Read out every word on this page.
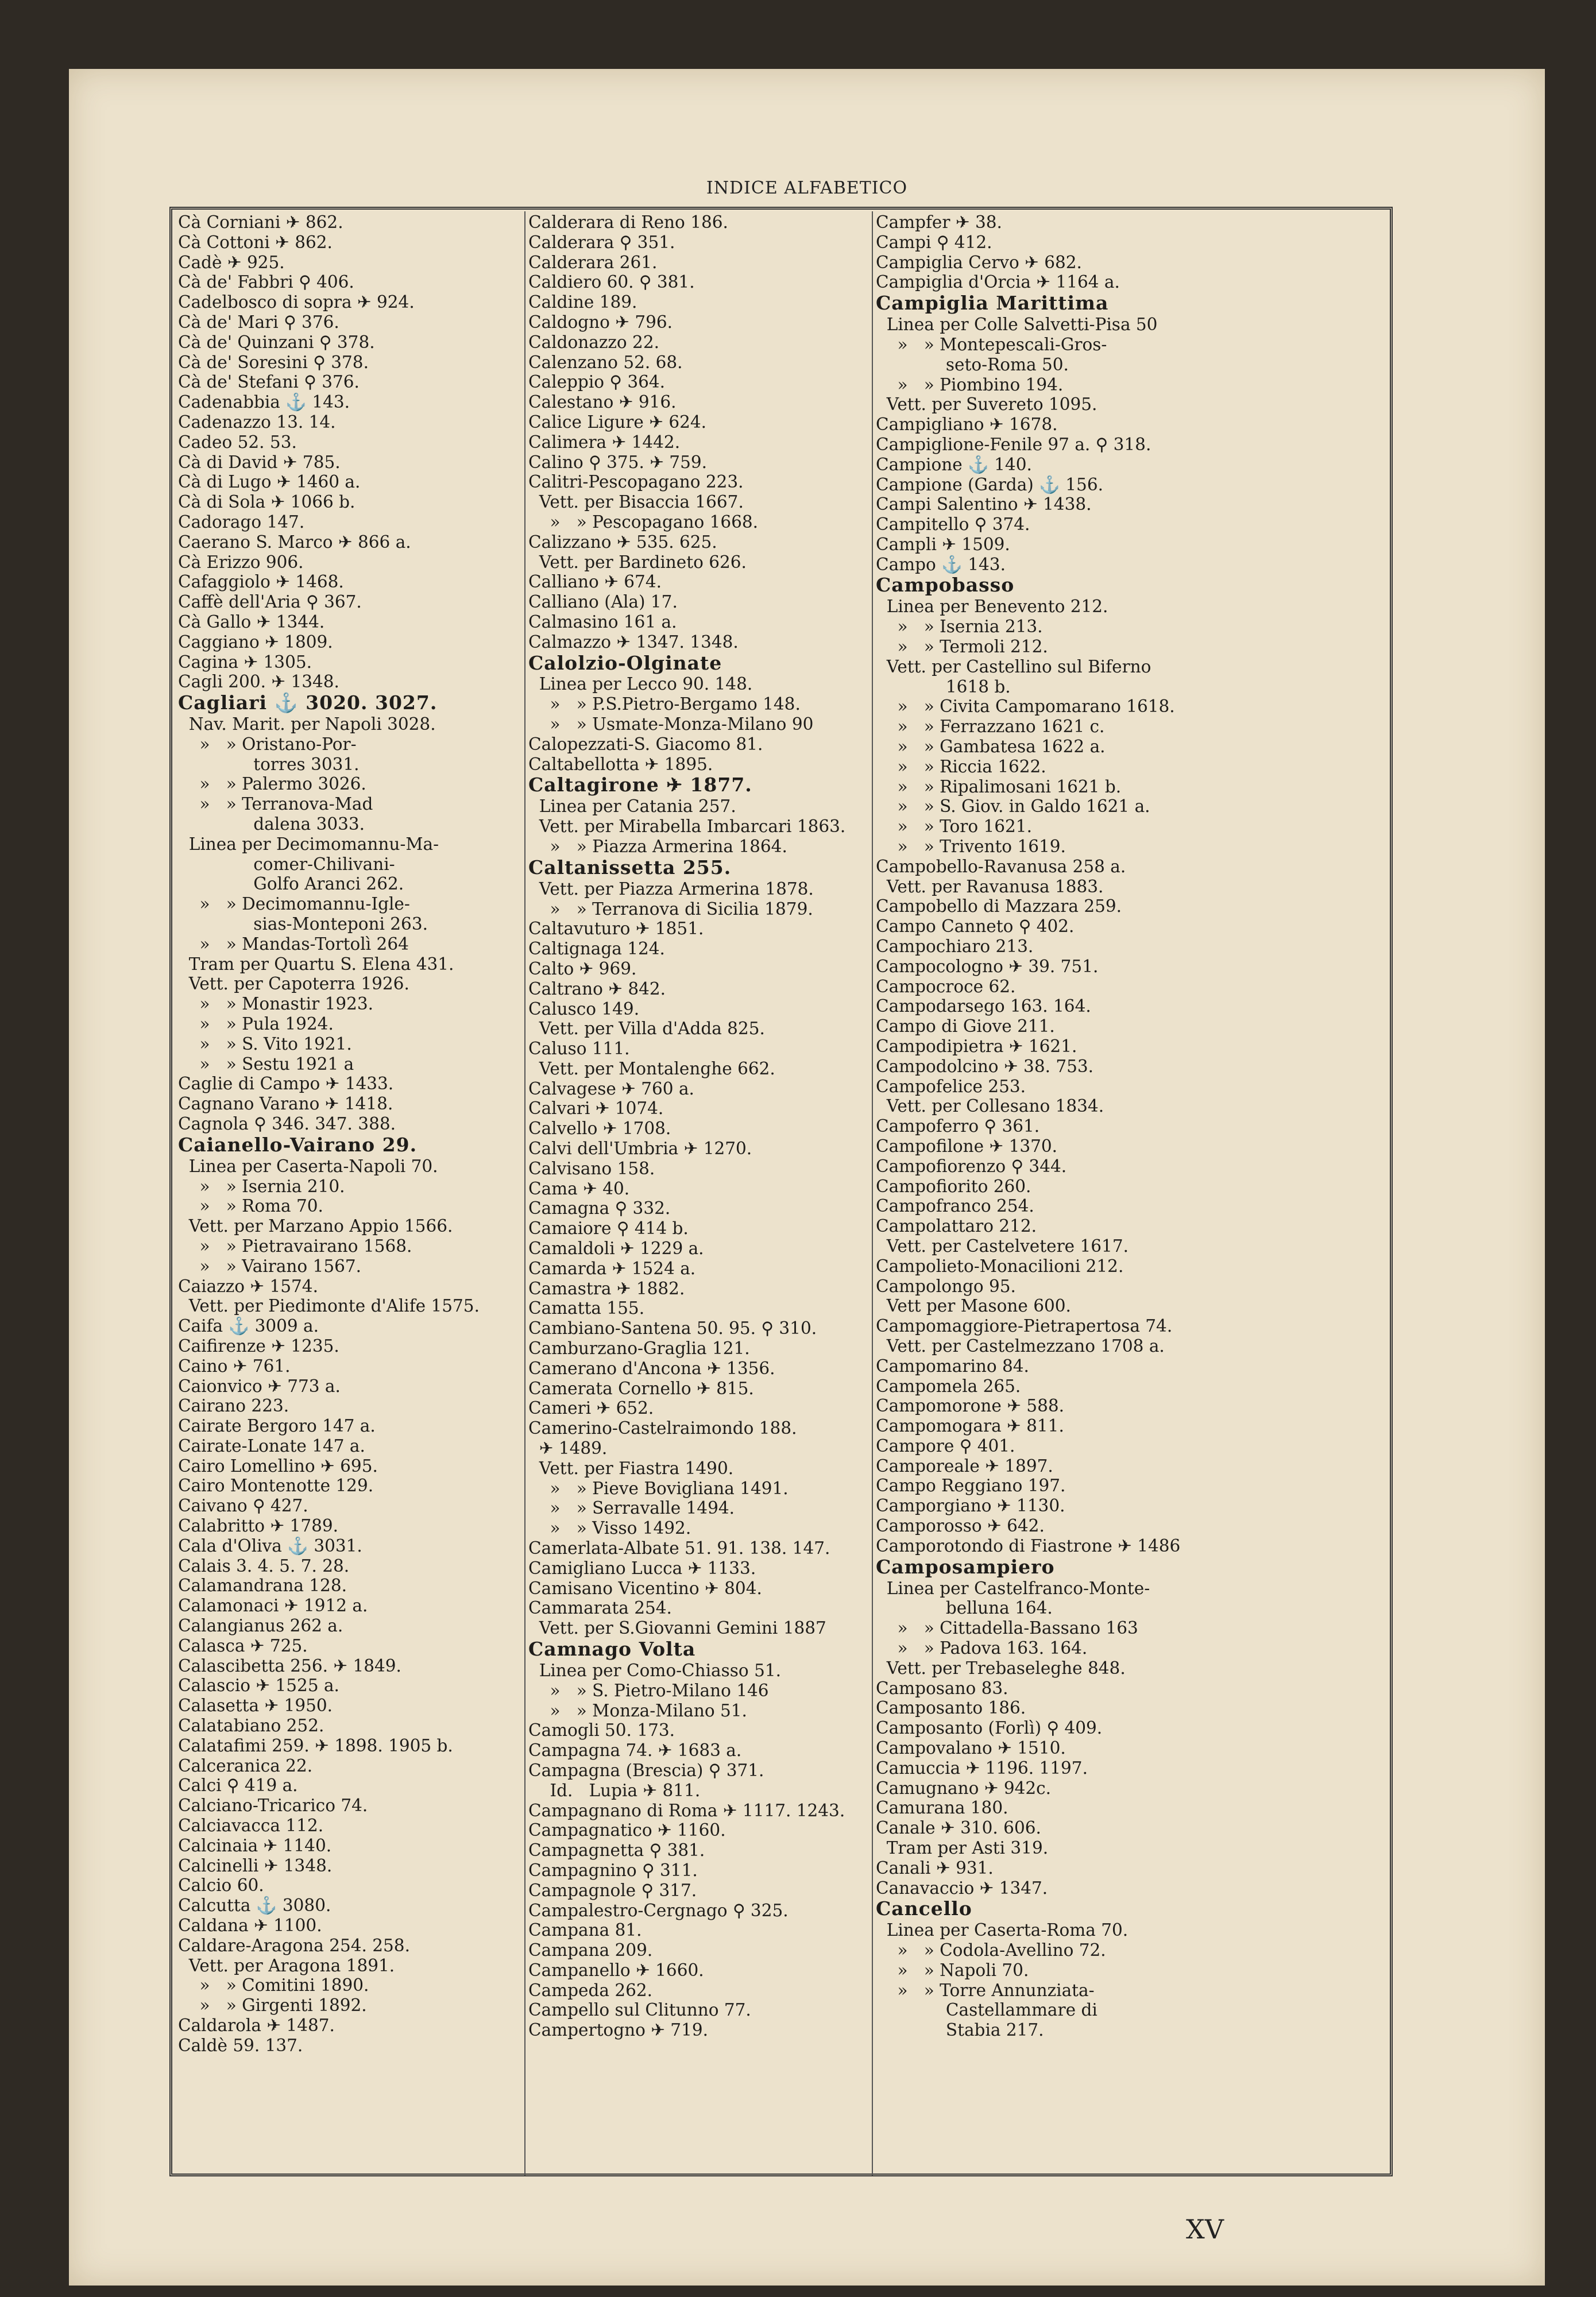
INDICE ALFABETICO
Cà Corniani ✈ 862.
Cà Cottoni ✈ 862.
Cadè ✈ 925.
Cà de' Fabbri ⚲ 406.
Cadelbosco di sopra ✈ 924.
Cà de' Mari ⚲ 376.
Cà de' Quinzani ⚲ 378.
Cà de' Soresini ⚲ 378.
Cà de' Stefani ⚲ 376.
Cadenabbia ⚓ 143.
Cadenazzo 13. 14.
Cadeo 52. 53.
Cà di David ✈ 785.
Cà di Lugo ✈ 1460 a.
Cà di Sola ✈ 1066 b.
Cadorago 147.
Caerano S. Marco ✈ 866 a.
Cà Erizzo 906.
Cafaggiolo ✈ 1468.
Caffè dell'Aria ⚲ 367.
Cà Gallo ✈ 1344.
Caggiano ✈ 1809.
Cagina ✈ 1305.
Cagli 200. ✈ 1348.
Cagliari ⚓ 3020. 3027.
Nav. Marit. per Napoli 3028.
»   » Oristano-Por-
torres 3031.
»   » Palermo 3026.
»   » Terranova-Mad
dalena 3033.
Linea per Decimomannu-Ma-
comer-Chilivani-
Golfo Aranci 262.
»   » Decimomannu-Igle-
sias-Monteponi 263.
»   » Mandas-Tortolì 264
Tram per Quartu S. Elena 431.
Vett. per Capoterra 1926.
»   » Monastir 1923.
»   » Pula 1924.
»   » S. Vito 1921.
»   » Sestu 1921 a
Caglie di Campo ✈ 1433.
Cagnano Varano ✈ 1418.
Cagnola ⚲ 346. 347. 388.
Caianello-Vairano 29.
Linea per Caserta-Napoli 70.
»   » Isernia 210.
»   » Roma 70.
Vett. per Marzano Appio 1566.
»   » Pietravairano 1568.
»   » Vairano 1567.
Caiazzo ✈ 1574.
Vett. per Piedimonte d'Alife 1575.
Caifa ⚓ 3009 a.
Caifirenze ✈ 1235.
Caino ✈ 761.
Caionvico ✈ 773 a.
Cairano 223.
Cairate Bergoro 147 a.
Cairate-Lonate 147 a.
Cairo Lomellino ✈ 695.
Cairo Montenotte 129.
Caivano ⚲ 427.
Calabritto ✈ 1789.
Cala d'Oliva ⚓ 3031.
Calais 3. 4. 5. 7. 28.
Calamandrana 128.
Calamonaci ✈ 1912 a.
Calangianus 262 a.
Calasca ✈ 725.
Calascibetta 256. ✈ 1849.
Calascio ✈ 1525 a.
Calasetta ✈ 1950.
Calatabiano 252.
Calatafimi 259. ✈ 1898. 1905 b.
Calceranica 22.
Calci ⚲ 419 a.
Calciano-Tricarico 74.
Calciavacca 112.
Calcinaia ✈ 1140.
Calcinelli ✈ 1348.
Calcio 60.
Calcutta ⚓ 3080.
Caldana ✈ 1100.
Caldare-Aragona 254. 258.
Vett. per Aragona 1891.
»   » Comitini 1890.
»   » Girgenti 1892.
Caldarola ✈ 1487.
Caldè 59. 137.
Calderara di Reno 186.
Calderara ⚲ 351.
Calderara 261.
Caldiero 60. ⚲ 381.
Caldine 189.
Caldogno ✈ 796.
Caldonazzo 22.
Calenzano 52. 68.
Caleppio ⚲ 364.
Calestano ✈ 916.
Calice Ligure ✈ 624.
Calimera ✈ 1442.
Calino ⚲ 375. ✈ 759.
Calitri-Pescopagano 223.
Vett. per Bisaccia 1667.
»   » Pescopagano 1668.
Calizzano ✈ 535. 625.
Vett. per Bardineto 626.
Calliano ✈ 674.
Calliano (Ala) 17.
Calmasino 161 a.
Calmazzo ✈ 1347. 1348.
Calolzio-Olginate
Linea per Lecco 90. 148.
»   » P.S.Pietro-Bergamo 148.
»   » Usmate-Monza-Milano 90
Calopezzati-S. Giacomo 81.
Caltabellotta ✈ 1895.
Caltagirone ✈ 1877.
Linea per Catania 257.
Vett. per Mirabella Imbarcari 1863.
»   » Piazza Armerina 1864.
Caltanissetta 255.
Vett. per Piazza Armerina 1878.
»   » Terranova di Sicilia 1879.
Caltavuturo ✈ 1851.
Caltignaga 124.
Calto ✈ 969.
Caltrano ✈ 842.
Calusco 149.
Vett. per Villa d'Adda 825.
Caluso 111.
Vett. per Montalenghe 662.
Calvagese ✈ 760 a.
Calvari ✈ 1074.
Calvello ✈ 1708.
Calvi dell'Umbria ✈ 1270.
Calvisano 158.
Cama ✈ 40.
Camagna ⚲ 332.
Camaiore ⚲ 414 b.
Camaldoli ✈ 1229 a.
Camarda ✈ 1524 a.
Camastra ✈ 1882.
Camatta 155.
Cambiano-Santena 50. 95. ⚲ 310.
Camburzano-Graglia 121.
Camerano d'Ancona ✈ 1356.
Camerata Cornello ✈ 815.
Cameri ✈ 652.
Camerino-Castelraimondo 188.
✈ 1489.
Vett. per Fiastra 1490.
»   » Pieve Bovigliana 1491.
»   » Serravalle 1494.
»   » Visso 1492.
Camerlata-Albate 51. 91. 138. 147.
Camigliano Lucca ✈ 1133.
Camisano Vicentino ✈ 804.
Cammarata 254.
Vett. per S.Giovanni Gemini 1887
Camnago Volta
Linea per Como-Chiasso 51.
»   » S. Pietro-Milano 146
»   » Monza-Milano 51.
Camogli 50. 173.
Campagna 74. ✈ 1683 a.
Campagna (Brescia) ⚲ 371.
Id.   Lupia ✈ 811.
Campagnano di Roma ✈ 1117. 1243.
Campagnatico ✈ 1160.
Campagnetta ⚲ 381.
Campagnino ⚲ 311.
Campagnole ⚲ 317.
Campalestro-Cergnago ⚲ 325.
Campana 81.
Campana 209.
Campanello ✈ 1660.
Campeda 262.
Campello sul Clitunno 77.
Campertogno ✈ 719.
Campfer ✈ 38.
Campi ⚲ 412.
Campiglia Cervo ✈ 682.
Campiglia d'Orcia ✈ 1164 a.
Campiglia Marittima
Linea per Colle Salvetti-Pisa 50
»   » Montepescali-Gros-
seto-Roma 50.
»   » Piombino 194.
Vett. per Suvereto 1095.
Campigliano ✈ 1678.
Campiglione-Fenile 97 a. ⚲ 318.
Campione ⚓ 140.
Campione (Garda) ⚓ 156.
Campi Salentino ✈ 1438.
Campitello ⚲ 374.
Campli ✈ 1509.
Campo ⚓ 143.
Campobasso
Linea per Benevento 212.
»   » Isernia 213.
»   » Termoli 212.
Vett. per Castellino sul Biferno
1618 b.
»   » Civita Campomarano 1618.
»   » Ferrazzano 1621 c.
»   » Gambatesa 1622 a.
»   » Riccia 1622.
»   » Ripalimosani 1621 b.
»   » S. Giov. in Galdo 1621 a.
»   » Toro 1621.
»   » Trivento 1619.
Campobello-Ravanusa 258 a.
Vett. per Ravanusa 1883.
Campobello di Mazzara 259.
Campo Canneto ⚲ 402.
Campochiaro 213.
Campocologno ✈ 39. 751.
Campocroce 62.
Campodarsego 163. 164.
Campo di Giove 211.
Campodipietra ✈ 1621.
Campodolcino ✈ 38. 753.
Campofelice 253.
Vett. per Collesano 1834.
Campoferro ⚲ 361.
Campofilone ✈ 1370.
Campofiorenzo ⚲ 344.
Campofiorito 260.
Campofranco 254.
Campolattaro 212.
Vett. per Castelvetere 1617.
Campolieto-Monacilioni 212.
Campolongo 95.
Vett per Masone 600.
Campomaggiore-Pietrapertosa 74.
Vett. per Castelmezzano 1708 a.
Campomarino 84.
Campomela 265.
Campomorone ✈ 588.
Campomogara ✈ 811.
Campore ⚲ 401.
Camporeale ✈ 1897.
Campo Reggiano 197.
Camporgiano ✈ 1130.
Camporosso ✈ 642.
Camporotondo di Fiastrone ✈ 1486
Camposampiero
Linea per Castelfranco-Monte-
belluna 164.
»   » Cittadella-Bassano 163
»   » Padova 163. 164.
Vett. per Trebaseleghe 848.
Camposano 83.
Camposanto 186.
Camposanto (Forlì) ⚲ 409.
Campovalano ✈ 1510.
Camuccia ✈ 1196. 1197.
Camugnano ✈ 942c.
Camurana 180.
Canale ✈ 310. 606.
Tram per Asti 319.
Canali ✈ 931.
Canavaccio ✈ 1347.
Cancello
Linea per Caserta-Roma 70.
»   » Codola-Avellino 72.
»   » Napoli 70.
»   » Torre Annunziata-
Castellammare di
Stabia 217.
XV
